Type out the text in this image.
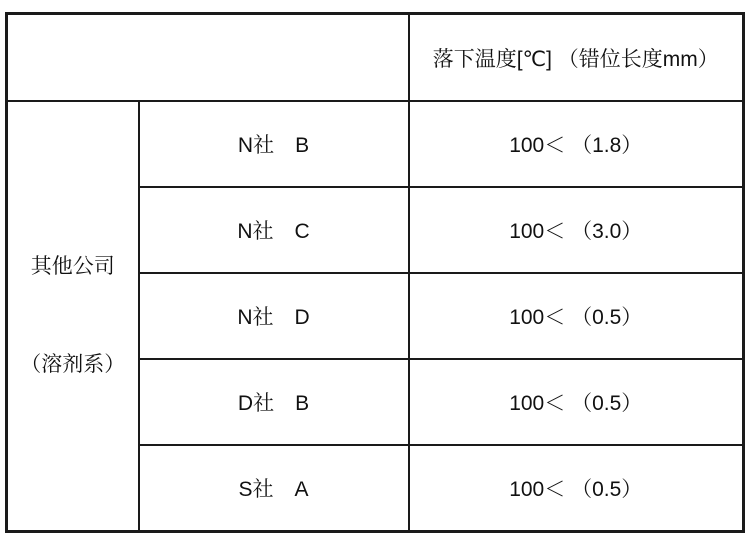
		落下温度[℃] （错位长度mm）

其他公司

（溶剂系）	N社　B	100＜ （1.8）
	N社　C	100＜ （3.0）
	N社　D	100＜ （0.5）
	D社　B	100＜ （0.5）
	S社　A	100＜ （0.5）
